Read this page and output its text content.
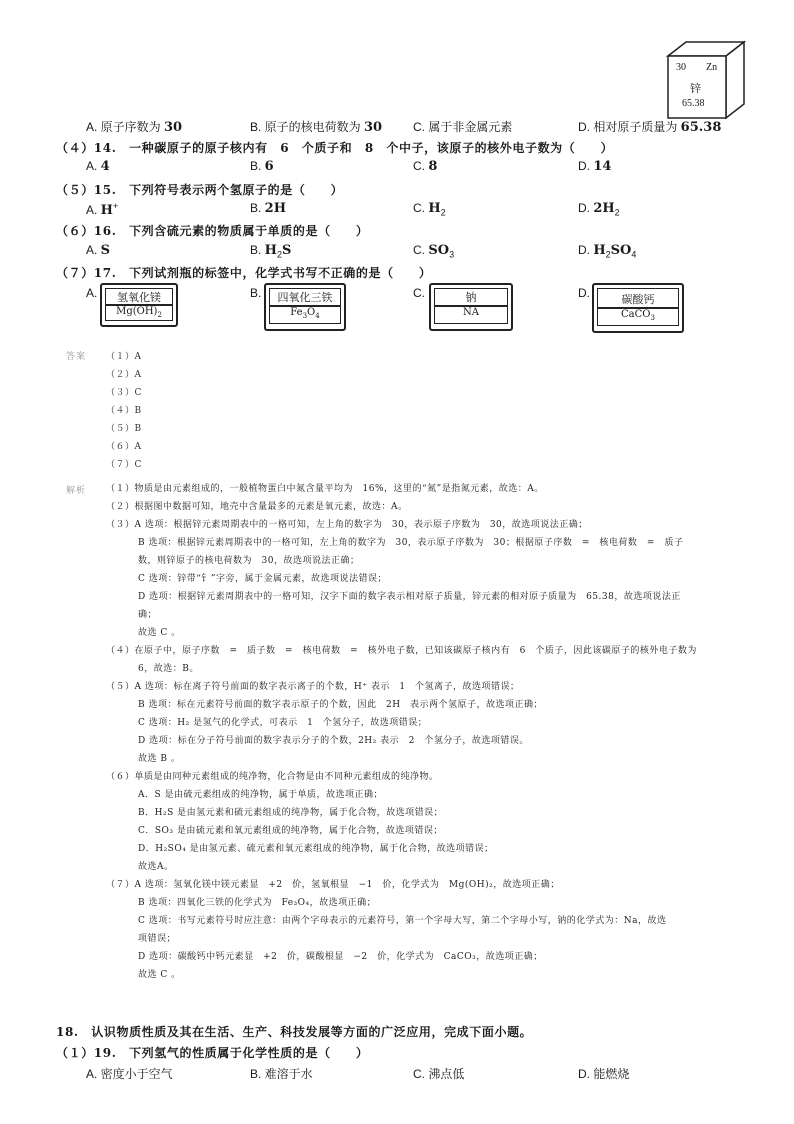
30 Zn
锌
65.38
A. 原子序数为 30	B. 原子的核电荷数为 30	C. 属于非金属元素	D. 相对原子质量为 65.38
（４）14.　一种碳原子的原子核内有　6　个质子和　8　个中子，该原子的核外电子数为（　　）
A. 4	B. 6	C. 8	D. 14
（５）15.　下列符号表示两个氢原子的是（　　）
A. H+	B. 2H	C. $H_2$	D. $2H_2$
（６）16.　下列含硫元素的物质属于单质的是（　　）
A. S	B. $H_2S$	C. $SO_3$	D. $H_2SO_4$
（７）17.　下列试剂瓶的标签中，化学式书写不正确的是（　　）
A.	氢氧化镁
$Mg(OH)_2$
B.	四氧化三铁
$Fe_3O_4$
C.	钠
NA
D.	碳酸钙
CaCO$_3$
答案 （１）A
（２）A
（３）C
（４）B
（５）B
（６）A
（７）C
解析 （１）物质是由元素组成的，一般植物蛋白中氮含量平均为　16%，这里的“氮”是指氮元素，故选：A。
（２）根据图中数据可知，地壳中含量最多的元素是氧元素，故选：A。
（３）A 选项：根据锌元素周期表中的一格可知，左上角的数字为　30，表示原子序数为　30，故选项说法正确；
B 选项：根据锌元素周期表中的一格可知，左上角的数字为　30，表示原子序数为　30；根据原子序数　=　核电荷数　=　质子
数，则锌原子的核电荷数为　30，故选项说法正确；
C 选项：锌带“钅”字旁，属于金属元素，故选项说法错误；
D 选项：根据锌元素周期表中的一格可知，汉字下面的数字表示相对原子质量，锌元素的相对原子质量为　65.38，故选项说法正
确；
故选 C 。
（４）在原子中，原子序数　=　质子数　=　核电荷数　=　核外电子数，已知该碳原子核内有　6　个质子，因此该碳原子的核外电子数为
6，故选：B。
（５）A 选项：标在离子符号前面的数字表示离子的个数，H⁺ 表示　1　个氢离子，故选项错误；
B 选项：标在元素符号前面的数字表示原子的个数，因此　2H　表示两个氢原子，故选项正确；
C 选项：H₂ 是氢气的化学式，可表示　1　个氢分子，故选项错误；
D 选项：标在分子符号前面的数字表示分子的个数，2H₂ 表示　2　个氢分子，故选项错误。
故选 B 。
（６）单质是由同种元素组成的纯净物，化合物是由不同种元素组成的纯净物。
A．S 是由硫元素组成的纯净物，属于单质，故选项正确；
B．H₂S 是由氢元素和硫元素组成的纯净物，属于化合物，故选项错误；
C．SO₃ 是由硫元素和氧元素组成的纯净物，属于化合物，故选项错误；
D．H₂SO₄ 是由氢元素、硫元素和氧元素组成的纯净物，属于化合物，故选项错误；
故选A。
（７）A 选项：氢氧化镁中镁元素显　+2　价，氢氧根显　−1　价，化学式为　Mg(OH)₂，故选项正确；
B 选项：四氧化三铁的化学式为　Fe₃O₄，故选项正确；
C 选项：书写元素符号时应注意：由两个字母表示的元素符号，第一个字母大写，第二个字母小写，钠的化学式为：Na，故选
项错误；
D 选项：碳酸钙中钙元素显　+2　价，碳酸根显　−2　价，化学式为　CaCO₃，故选项正确；
故选 C 。
18.　认识物质性质及其在生活、生产、科技发展等方面的广泛应用，完成下面小题。
（１）19.　下列氢气的性质属于化学性质的是（　　）
A. 密度小于空气	B. 难溶于水	C. 沸点低	D. 能燃烧
